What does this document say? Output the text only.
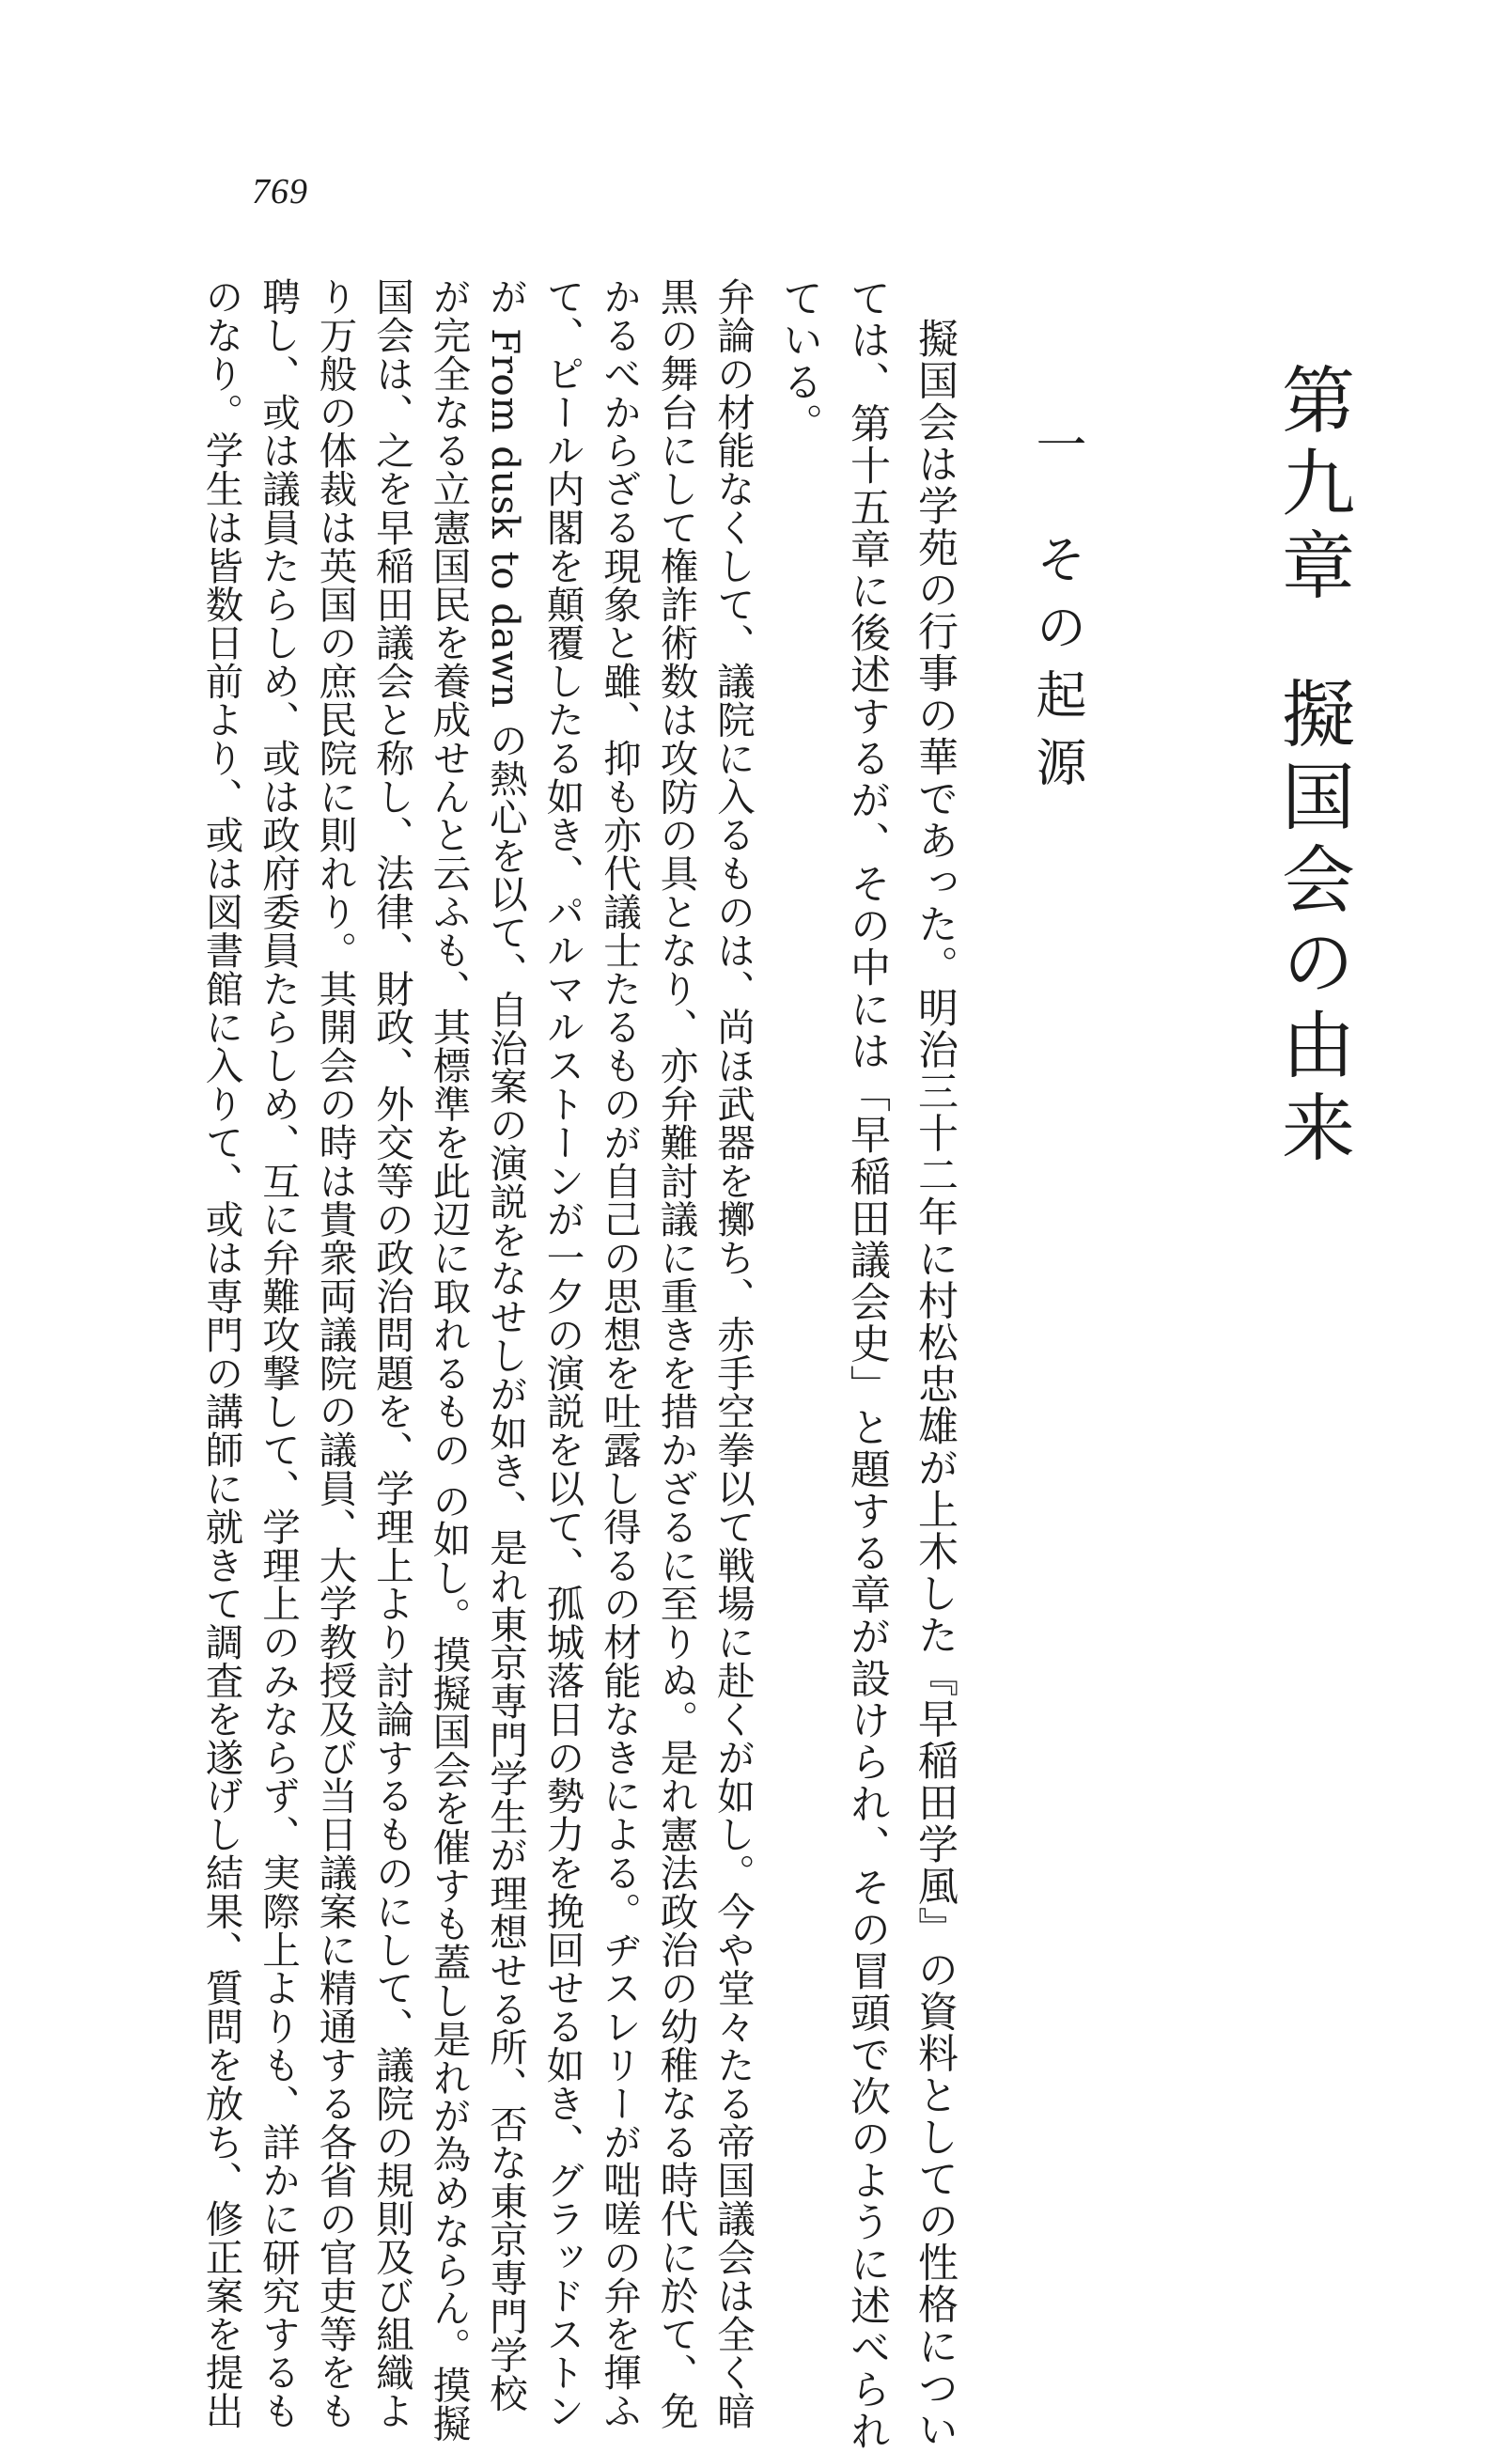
769
第九章擬国会の由来
一その起源
擬国会は学苑の行事の華であった。明治三十二年に村松忠雄が上木した『早稲田学風』の資料としての性格につい
ては、第十五章に後述するが、その中には「早稲田議会史」と題する章が設けられ、その冒頭で次のように述べられ
ている。
弁論の材能なくして、議院に入るものは、尚ほ武器を擲ち、赤手空拳以て戦場に赴くが如し。今や堂々たる帝国議会は全く暗
黒の舞台にして権詐術数は攻防の具となり、亦弁難討議に重きを措かざるに至りぬ。是れ憲法政治の幼稚なる時代に於て、免
かるべからざる現象と雖、抑も亦代議士たるものが自己の思想を吐露し得るの材能なきによる。ヂスレリーが咄嗟の弁を揮ふ
て、ピール内閣を顛覆したる如き、パルマルストーンが一夕の演説を以て、孤城落日の勢力を挽回せる如き、グラッドストン
が From dusk to dawn の熱心を以て、自治案の演説をなせしが如き、是れ東京専門学生が理想せる所、否な東京専門学校
が完全なる立憲国民を養成せんと云ふも、其標準を此辺に取れるもの の如し。摸擬国会を催すも蓋し是れが為めならん。摸擬
国会は、之を早稲田議会と称し、法律、財政、外交等の政治問題を、学理上より討論するものにして、議院の規則及び組織よ
り万般の体裁は英国の庶民院に則れり。其開会の時は貴衆両議院の議員、大学教授及び当日議案に精通する各省の官吏等をも
聘し、或は議員たらしめ、或は政府委員たらしめ、互に弁難攻撃して、学理上のみならず、実際上よりも、詳かに研究するも
のなり。学生は皆数日前より、或は図書館に入りて、或は専門の講師に就きて調査を遂げし結果、質問を放ち、修正案を提出
